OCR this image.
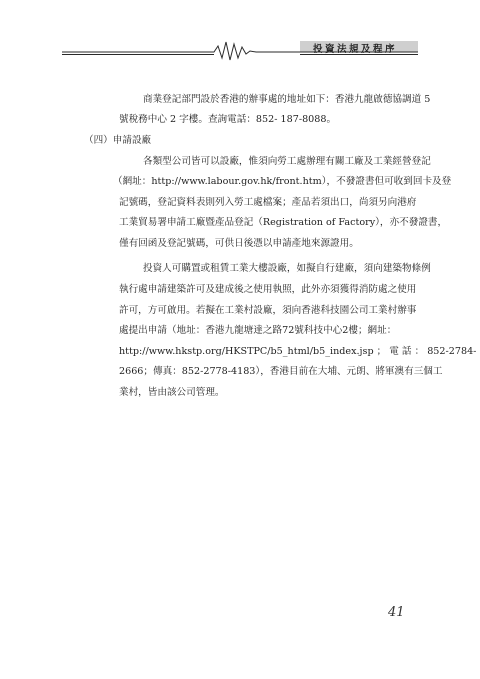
投資法規及程序
商業登記部門設於香港的辦事處的地址如下：香港九龍啟德協調道 5
號稅務中心 2 字樓。查詢電話：852- 187-8088。
（四）申請設廠
各類型公司皆可以設廠，惟須向勞工處辦理有關工廠及工業經營登記
（網址：http://www.labour.gov.hk/front.htm），不發證書但可收到回卡及登
記號碼，登記資料表則列入勞工處檔案；產品若須出口，尚須另向港府
工業貿易署申請工廠暨產品登記（Registration of Factory），亦不發證書，
僅有回函及登記號碼，可供日後憑以申請產地來源證用。
投資人可購置或租賃工業大樓設廠，如擬自行建廠，須向建築物條例
執行處申請建築許可及建成後之使用執照，此外亦須獲得消防處之使用
許可，方可啟用。若擬在工業村設廠，須向香港科技園公司工業村辦事
處提出申請（地址：香港九龍塘達之路72號科技中心2樓；網址：
http://www.hkstp.org/HKSTPC/b5_html/b5_index.jsp ； 電 話 ： 852-2784-
2666；傳真：852-2778-4183），香港目前在大埔、元朗、將軍澳有三個工
業村，皆由該公司管理。
41
